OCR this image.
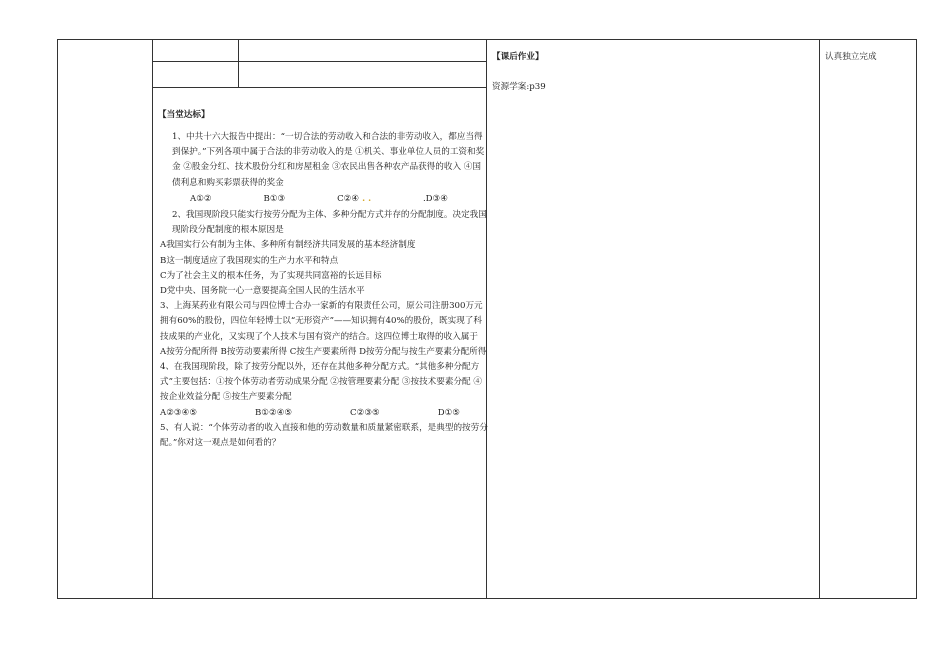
【当堂达标】

1、中共十六大报告中提出：“一切合法的劳动收入和合法的非劳动收入，都应当得到保护。”下列各项中属于合法的非劳动收入的是 ①机关、事业单位人员的工资和奖金 ②股金分红、技术股份分红和房屋租金 ③农民出售各种农产品获得的收入 ④国债利息和购买彩票获得的奖金

A①②	B①③	C②④ . .	.D③④

2、我国现阶段只能实行按劳分配为主体、多种分配方式并存的分配制度。决定我国现阶段分配制度的根本原因是

A我国实行公有制为主体、多种所有制经济共同发展的基本经济制度

B这一制度适应了我国现实的生产力水平和特点

C为了社会主义的根本任务，为了实现共同富裕的长远目标

D党中央、国务院一心一意要提高全国人民的生活水平

3、上海某药业有限公司与四位博士合办一家新的有限责任公司，原公司注册300万元拥有60%的股份，四位年轻博士以“无形资产”——知识拥有40%的股份，既实现了科技成果的产业化，又实现了个人技术与国有资产的结合。这四位博士取得的收入属于

A按劳分配所得 B按劳动要素所得 C按生产要素所得 D按劳分配与按生产要素分配所得

4、在我国现阶段，除了按劳分配以外，还存在其他多种分配方式。“其他多种分配方式”主要包括：①按个体劳动者劳动成果分配 ②按管理要素分配 ③按技术要素分配 ④按企业效益分配 ⑤按生产要素分配

A②③④⑤	B①②④⑤	C②③⑤	D①⑤

5、有人说：“个体劳动者的收入直接和他的劳动数量和质量紧密联系，是典型的按劳分配。”你对这一观点是如何看的？

【课后作业】
资源学案:p39
认真独立完成
